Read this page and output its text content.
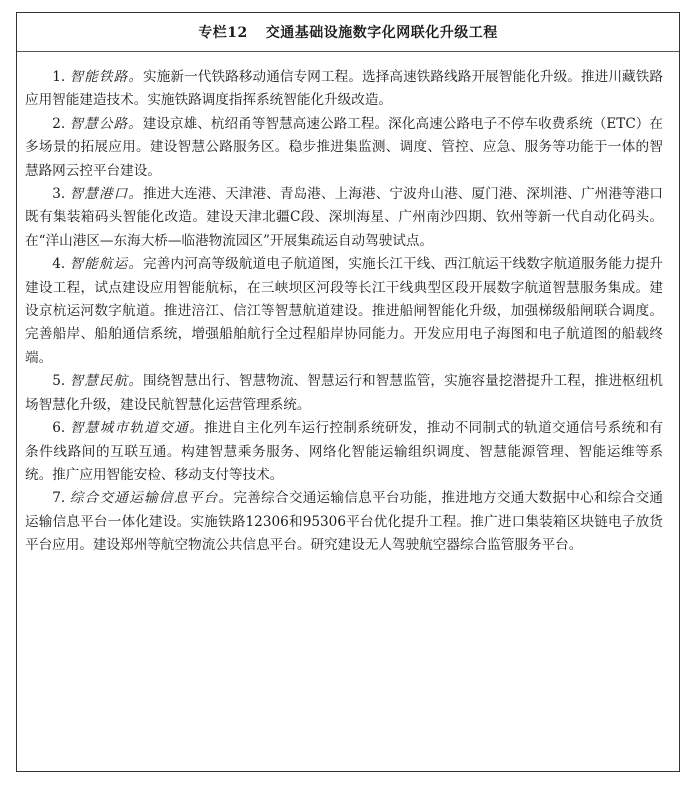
专栏12 交通基础设施数字化网联化升级工程

1. 智能铁路。实施新一代铁路移动通信专网工程。选择高速铁路线路开展智能化升级。推进川藏铁路应用智能建造技术。实施铁路调度指挥系统智能化升级改造。

2. 智慧公路。建设京雄、杭绍甬等智慧高速公路工程。深化高速公路电子不停车收费系统（ETC）在多场景的拓展应用。建设智慧公路服务区。稳步推进集监测、调度、管控、应急、服务等功能于一体的智慧路网云控平台建设。

3. 智慧港口。推进大连港、天津港、青岛港、上海港、宁波舟山港、厦门港、深圳港、广州港等港口既有集装箱码头智能化改造。建设天津北疆C段、深圳海星、广州南沙四期、钦州等新一代自动化码头。在“洋山港区—东海大桥—临港物流园区”开展集疏运自动驾驶试点。

4. 智能航运。完善内河高等级航道电子航道图，实施长江干线、西江航运干线数字航道服务能力提升建设工程，试点建设应用智能航标，在三峡坝区河段等长江干线典型区段开展数字航道智慧服务集成。建设京杭运河数字航道。推进涪江、信江等智慧航道建设。推进船闸智能化升级，加强梯级船闸联合调度。完善船岸、船舶通信系统，增强船舶航行全过程船岸协同能力。开发应用电子海图和电子航道图的船载终端。

5. 智慧民航。围绕智慧出行、智慧物流、智慧运行和智慧监管，实施容量挖潜提升工程，推进枢纽机场智慧化升级，建设民航智慧化运营管理系统。

6. 智慧城市轨道交通。推进自主化列车运行控制系统研发，推动不同制式的轨道交通信号系统和有条件线路间的互联互通。构建智慧乘务服务、网络化智能运输组织调度、智慧能源管理、智能运维等系统。推广应用智能安检、移动支付等技术。

7. 综合交通运输信息平台。完善综合交通运输信息平台功能，推进地方交通大数据中心和综合交通运输信息平台一体化建设。实施铁路12306和95306平台优化提升工程。推广进口集装箱区块链电子放货平台应用。建设郑州等航空物流公共信息平台。研究建设无人驾驶航空器综合监管服务平台。
